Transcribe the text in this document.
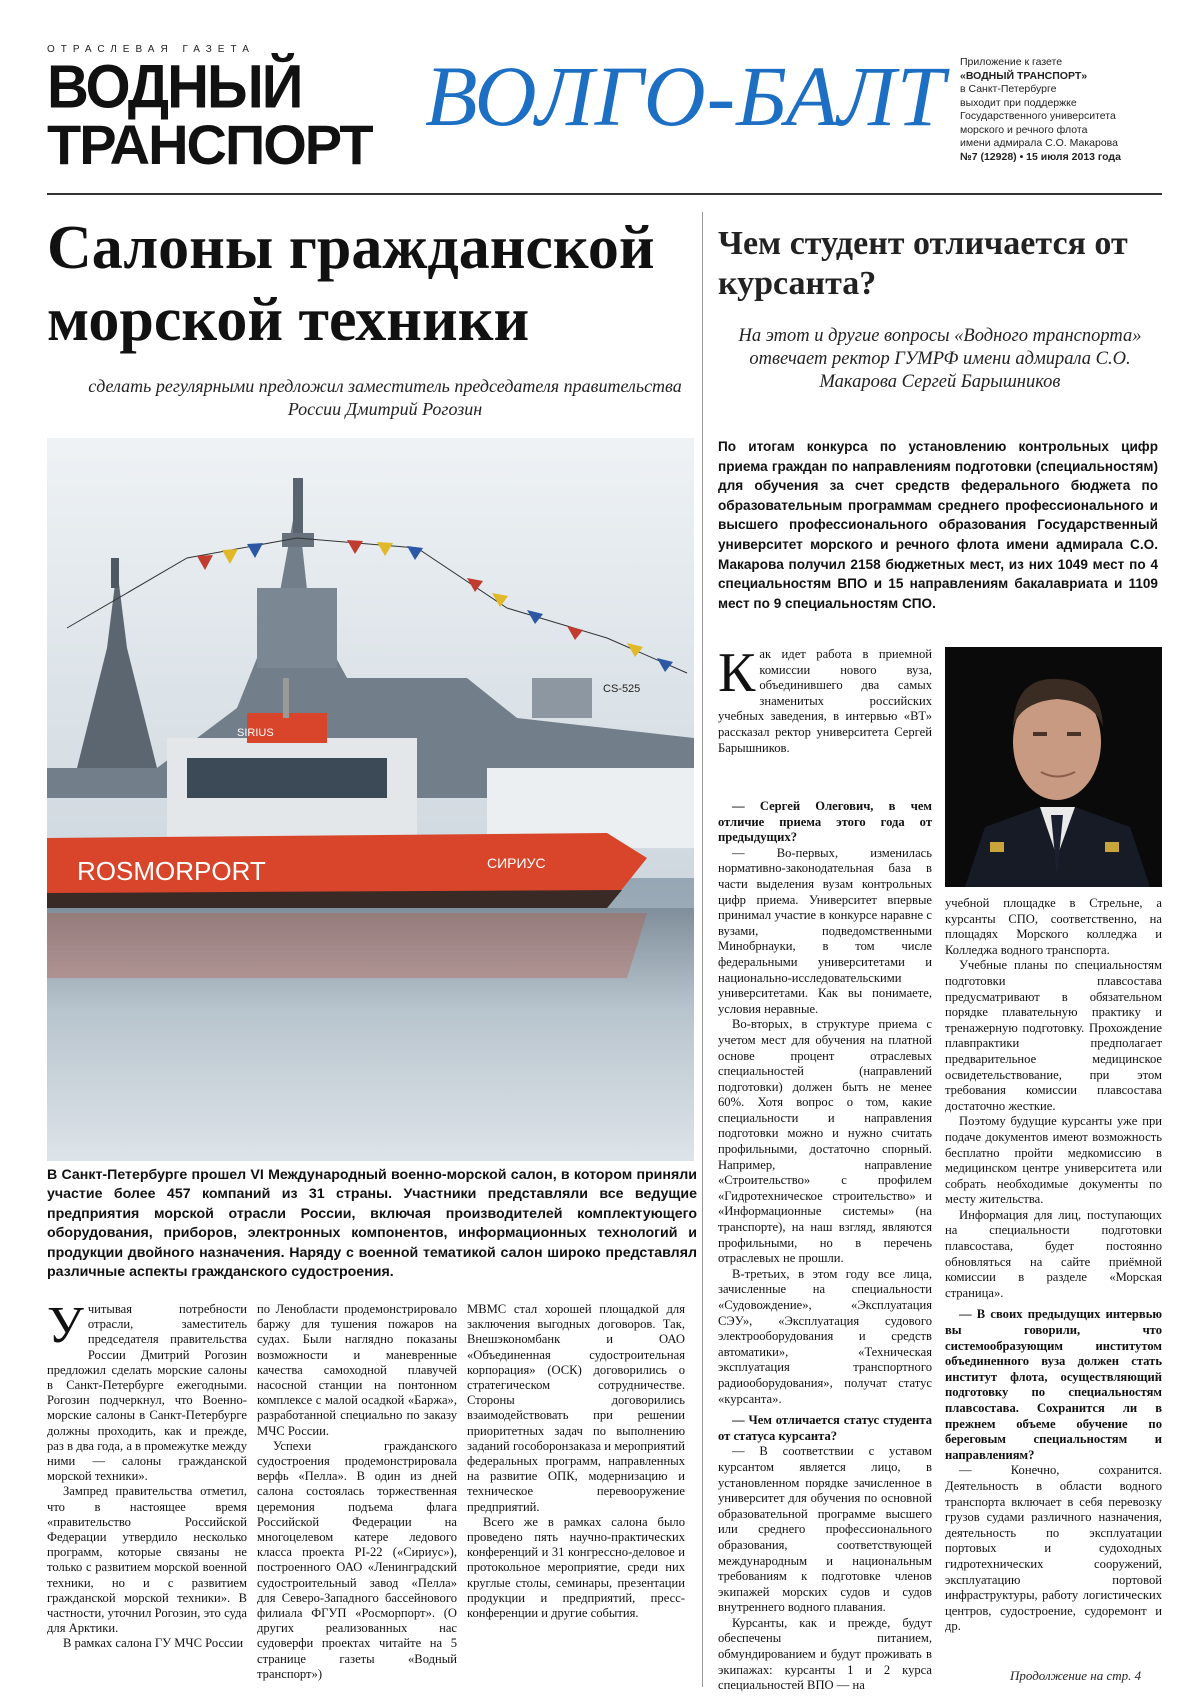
ОТРАСЛЕВАЯ ГАЗЕТА
ВОДНЫЙ
ТРАНСПОРТ
ВОЛГО-БАЛТ Приложение к газете
«ВОДНЫЙ ТРАНСПОРТ»
в Санкт-Петербурге
выходит при поддержке
Государственного университета
морского и речного флота
имени адмирала С.О. Макарова
№7 (12928) • 15 июля 2013 года
Салоны гражданской морской техники
сделать регулярными предложил заместитель председателя правительства России Дмитрий Рогозин
CS-525
SIRIUS
ROSMORPORT	СИРИУС
В Санкт-Петербурге прошел VI Международный военно-морской салон, в котором приняли участие более 457 компаний из 31 страны. Участники представляли все ведущие предприятия морской отрасли России, включая производителей комплектующего оборудования, приборов, электронных компонентов, информационных технологий и продукции двойного назначения. Наряду с военной тематикой салон широко представлял различные аспекты гражданского судостроения.

Учитывая потребности отрасли, заместитель председателя правительства России Дмитрий Рогозин предложил сделать морские салоны в Санкт-Петербурге ежегодными. Рогозин подчеркнул, что Военно-морские салоны в Санкт-Петербурге должны проходить, как и прежде, раз в два года, а в промежутке между ними — салоны гражданской морской техники».

Зампред правительства отметил, что в настоящее время «правительство Российской Федерации утвердило несколько программ, которые связаны не только с развитием морской военной техники, но и с развитием гражданской морской техники». В частности, уточнил Рогозин, это суда для Арктики.

В рамках салона ГУ МЧС России

по Ленобласти продемонстрировало баржу для тушения пожаров на судах. Были наглядно показаны возможности и маневренные качества самоходной плавучей насосной станции на понтонном комплексе с малой осадкой «Баржа», разработанной специально по заказу МЧС России.

Успехи гражданского судостроения продемонстрировала верфь «Пелла». В один из дней салона состоялась торжественная церемония подъема флага Российской Федерации на многоцелевом катере ледового класса проекта PI-22 («Сириус»), построенного ОАО «Ленинградский судостроительный завод «Пелла» для Северо-Западного бассейнового филиала ФГУП «Росморпорт». (О других реализованных нас судоверфи проектах читайте на 5 странице газеты «Водный транспорт»)

МВМС стал хорошей площадкой для заключения выгодных договоров. Так, Внешэкономбанк и ОАО «Объединенная судостроительная корпорация» (ОСК) договорились о стратегическом сотрудничестве. Стороны договорились взаимодействовать при решении приоритетных задач по выполнению заданий гособоронзаказа и мероприятий федеральных программ, направленных на развитие ОПК, модернизацию и техническое перевооружение предприятий.

Всего же в рамках салона было проведено пять научно-практических конференций и 31 конгрессно-деловое и протокольное мероприятие, среди них круглые столы, семинары, презентации продукции и предприятий, пресс-конференции и другие события.

Чем студент отличается от курсанта?
На этот и другие вопросы «Водного транспорта» отвечает ректор ГУМРФ имени адмирала С.О. Макарова Сергей Барышников
По итогам конкурса по установлению контрольных цифр приема граждан по направлениям подготовки (специальностям) для обучения за счет средств федерального бюджета по образовательным программам среднего профессионального и высшего профессионального образования Государственный университет морского и речного флота имени адмирала С.О. Макарова получил 2158 бюджетных мест, из них 1049 мест по 4 специальностям ВПО и 15 направлениям бакалавриата и 1109 мест по 9 специальностям СПО.

Как идет работа в приемной комиссии нового вуза, объединившего два самых знаменитых российских учебных заведения, в интервью «ВТ» рассказал ректор университета Сергей Барышников.

— Сергей Олегович, в чем отличие приема этого года от предыдущих?

— Во-первых, изменилась нормативно-законодательная база в части выделения вузам контрольных цифр приема. Университет впервые принимал участие в конкурсе наравне с вузами, подведомственными Минобрнауки, в том числе федеральными университетами и национально-исследовательскими университетами. Как вы понимаете, условия неравные.

Во-вторых, в структуре приема с учетом мест для обучения на платной основе процент отраслевых специальностей (направлений подготовки) должен быть не менее 60%. Хотя вопрос о том, какие специальности и направления подготовки можно и нужно считать профильными, достаточно спорный. Например, направление «Строительство» с профилем «Гидротехническое строительство» и «Информационные системы» (на транспорте), на наш взгляд, являются профильными, но в перечень отраслевых не прошли.

В-третьих, в этом году все лица, зачисленные на специальности «Судовождение», «Эксплуатация СЭУ», «Эксплуатация судового электрооборудования и средств автоматики», «Техническая эксплуатация транспортного радиооборудования», получат статус «курсанта».

— Чем отличается статус студента от статуса курсанта?

— В соответствии с уставом курсантом является лицо, в установленном порядке зачисленное в университет для обучения по основной образовательной программе высшего или среднего профессионального образования, соответствующей международным и национальным требованиям к подготовке членов экипажей морских судов и судов внутреннего водного плавания.

Курсанты, как и прежде, будут обеспечены питанием, обмундированием и будут проживать в экипажах: курсанты 1 и 2 курса специальностей ВПО — на

учебной площадке в Стрельне, а курсанты СПО, соответственно, на площадях Морского колледжа и Колледжа водного транспорта.

Учебные планы по специальностям подготовки плавсостава предусматривают в обязательном порядке плавательную практику и тренажерную подготовку. Прохождение плавпрактики предполагает предварительное медицинское освидетельствование, при этом требования комиссии плавсостава достаточно жесткие.

Поэтому будущие курсанты уже при подаче документов имеют возможность бесплатно пройти медкомиссию в медицинском центре университета или собрать необходимые документы по месту жительства.

Информация для лиц, поступающих на специальности подготовки плавсостава, будет постоянно обновляться на сайте приёмной комиссии в разделе «Морская страница».

— В своих предыдущих интервью вы говорили, что системообразующим институтом объединенного вуза должен стать институт флота, осуществляющий подготовку по специальностям плавсостава. Сохранится ли в прежнем объеме обучение по береговым специальностям и направлениям?

— Конечно, сохранится. Деятельность в области водного транспорта включает в себя перевозку грузов судами различного назначения, деятельность по эксплуатации портовых и судоходных гидротехнических сооружений, эксплуатацию портовой инфраструктуры, работу логистических центров, судостроение, судоремонт и др.

Продолжение на стр. 4
